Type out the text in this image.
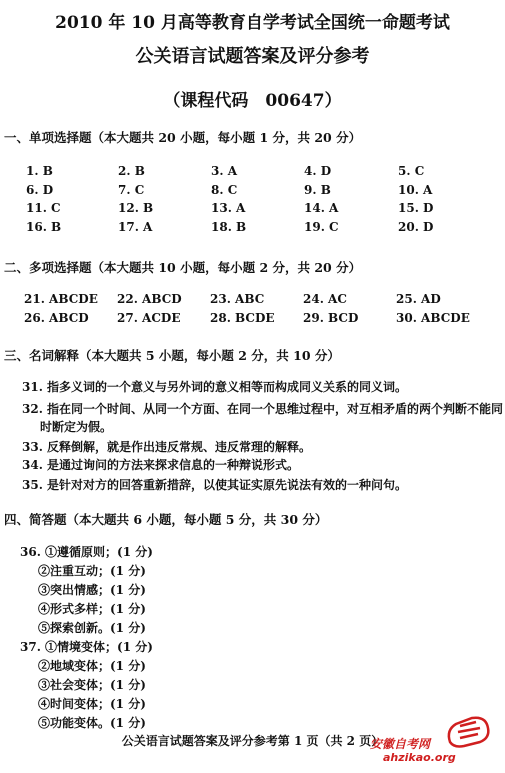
2010 年 10 月高等教育自学考试全国统一命题考试
公关语言试题答案及评分参考
（课程代码　00647）
一、单项选择题（本大题共 20 小题，每小题 1 分，共 20 分）
1. B	2. B	3. A	4. D	5. C
6. D	7. C	8. C	9. B	10. A
11. C	12. B	13. A	14. A	15. D
16. B	17. A	18. B	19. C	20. D
二、多项选择题（本大题共 10 小题，每小题 2 分，共 20 分）
21. ABCDE 22. ABCD 23. ABC	24. AC	25. AD
26. ABCD 27. ACDE 28. BCDE 29. BCD	30. ABCDE
三、名词解释（本大题共 5 小题，每小题 2 分，共 10 分）
31. 指多义词的一个意义与另外词的意义相等而构成同义关系的同义词。
32. 指在同一个时间、从同一个方面、在同一个思维过程中，对互相矛盾的两个判断不能同
时断定为假。
33. 反释倒解，就是作出违反常规、违反常理的解释。
34. 是通过询问的方法来探求信息的一种辩说形式。
35. 是针对对方的回答重新措辞，以使其证实原先说法有效的一种问句。
四、简答题（本大题共 6 小题，每小题 5 分，共 30 分）
36. ①遵循原则；(1 分)
②注重互动；(1 分)
③突出情感；(1 分)
④形式多样；(1 分)
⑤探索创新。(1 分)
37. ①情境变体；(1 分)
②地域变体；(1 分)
③社会变体；(1 分)
④时间变体；(1 分)
⑤功能变体。(1 分)
公关语言试题答案及评分参考第 1 页（共 2 页）
安徽自考网
ahzikao.org
